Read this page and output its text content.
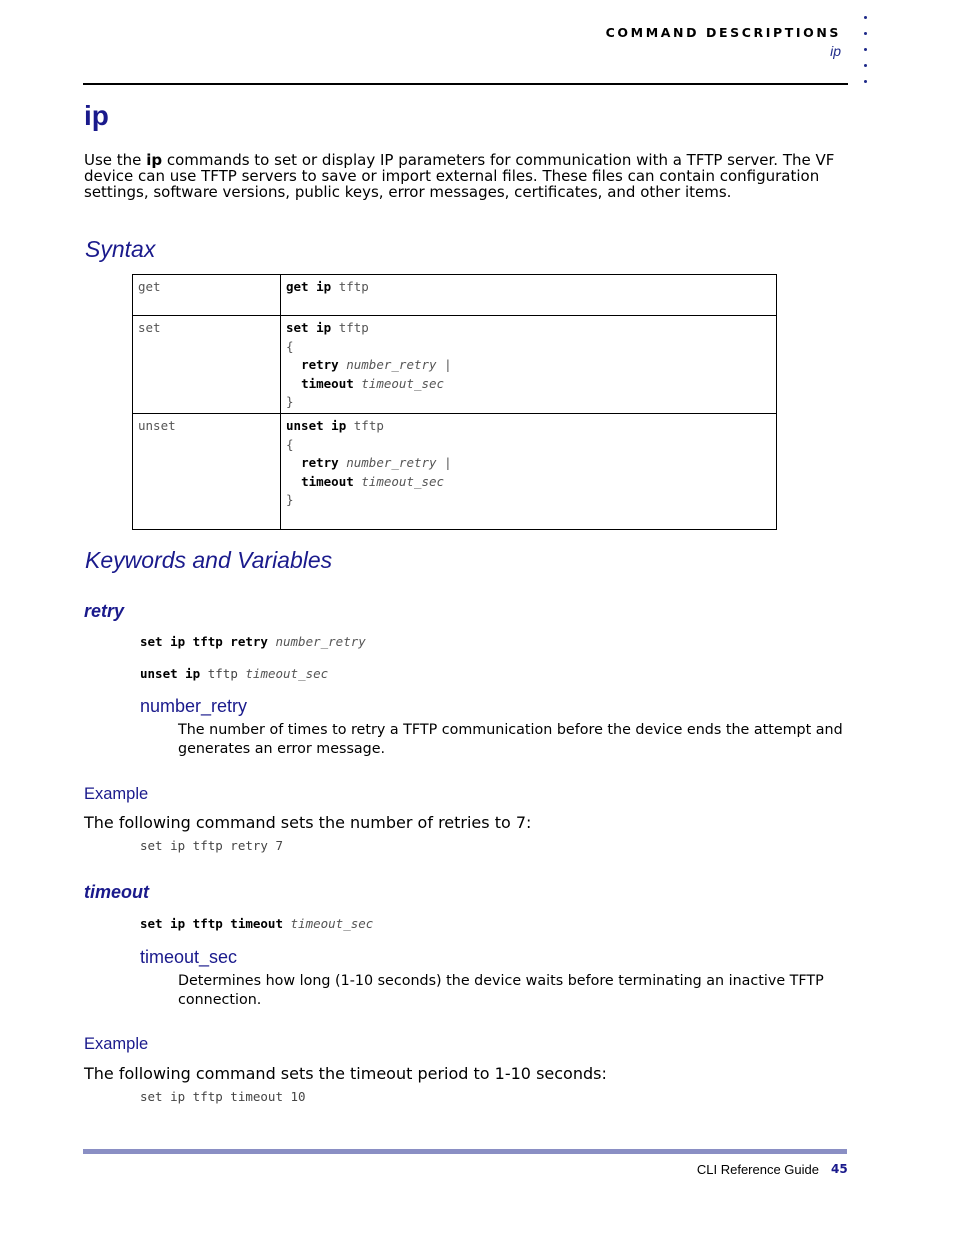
COMMAND DESCRIPTIONS
ip
ip

Use the ip commands to set or display IP parameters for communication with a TFTP server. The VF device can use TFTP servers to save or import external files. These files can contain configuration settings, software versions, public keys, error messages, certificates, and other items.

Syntax
get	get ip tftp
set	set ip tftp
{
retry number_retry |
timeout timeout_sec
}
unset	unset ip tftp
{
retry number_retry |
timeout timeout_sec
}
Keywords and Variables
retry
set ip tftp retry number_retry
unset ip tftp timeout_sec
number_retry

The number of times to retry a TFTP communication before the device ends the attempt and generates an error message.

Example

The following command sets the number of retries to 7:

set ip tftp retry 7
timeout
set ip tftp timeout timeout_sec
timeout_sec

Determines how long (1-10 seconds) the device waits before terminating an inactive TFTP connection.

Example

The following command sets the timeout period to 1-10 seconds:

set ip tftp timeout 10
CLI Reference Guide 45
